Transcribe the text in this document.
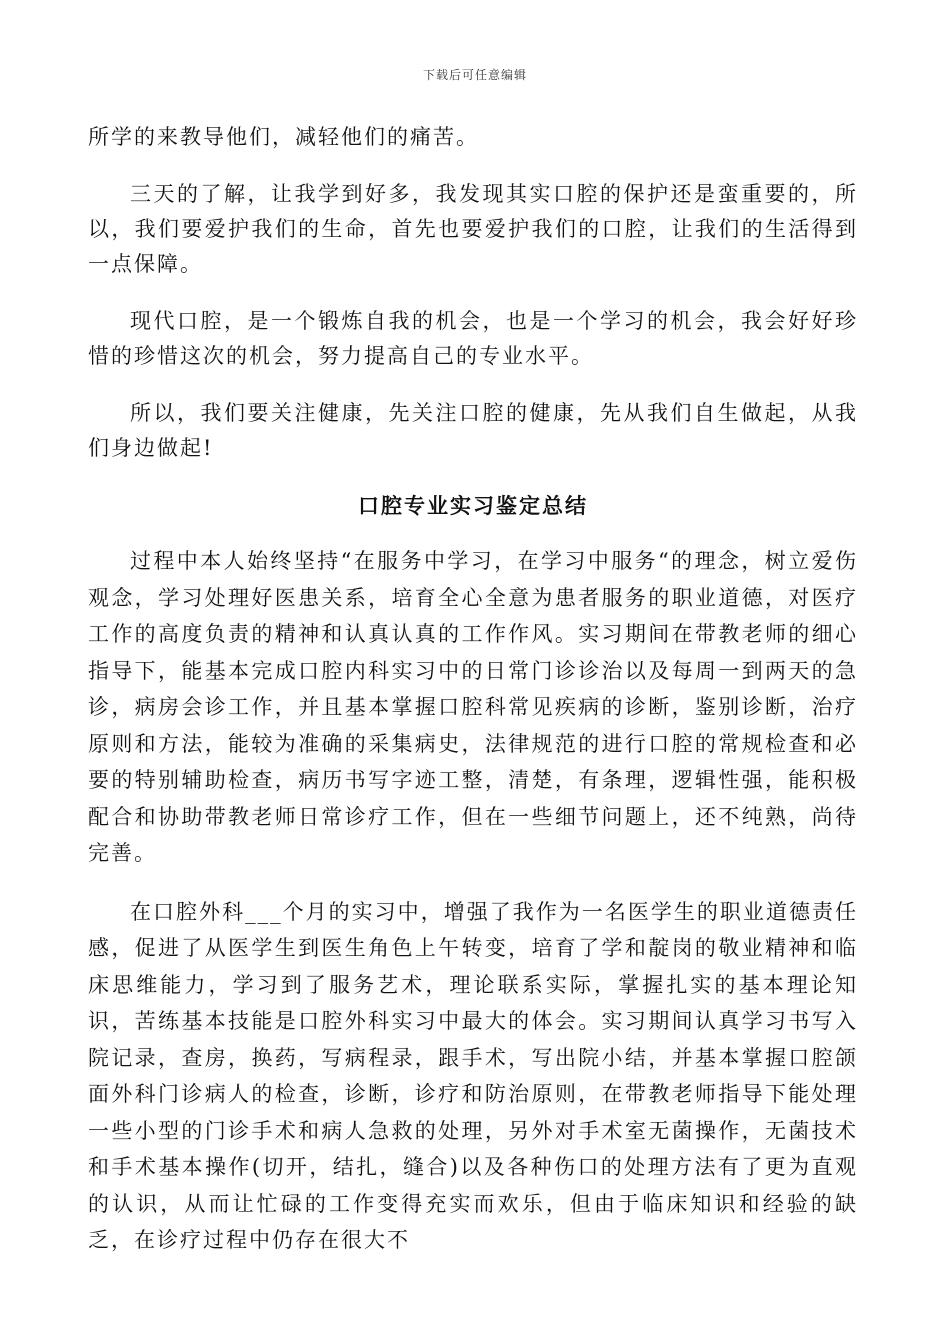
下载后可任意编辑

所学的来教导他们，减轻他们的痛苦。

三天的了解，让我学到好多，我发现其实口腔的保护还是蛮重要的，所以，我们要爱护我们的生命，首先也要爱护我们的口腔，让我们的生活得到一点保障。

现代口腔，是一个锻炼自我的机会，也是一个学习的机会，我会好好珍惜的珍惜这次的机会，努力提高自己的专业水平。

所以，我们要关注健康，先关注口腔的健康，先从我们自生做起，从我们身边做起!

口腔专业实习鉴定总结

过程中本人始终坚持“在服务中学习，在学习中服务“的理念，树立爱伤观念，学习处理好医患关系，培育全心全意为患者服务的职业道德，对医疗工作的高度负责的精神和认真认真的工作作风。实习期间在带教老师的细心指导下，能基本完成口腔内科实习中的日常门诊诊治以及每周一到两天的急诊，病房会诊工作，并且基本掌握口腔科常见疾病的诊断，鉴别诊断，治疗原则和方法，能较为准确的采集病史，法律规范的进行口腔的常规检查和必要的特别辅助检查，病历书写字迹工整，清楚，有条理，逻辑性强，能积极配合和协助带教老师日常诊疗工作，但在一些细节问题上，还不纯熟，尚待完善。

在口腔外科___个月的实习中，增强了我作为一名医学生的职业道德责任感，促进了从医学生到医生角色上午转变，培育了学和靛岗的敬业精神和临床思维能力，学习到了服务艺术，理论联系实际，掌握扎实的基本理论知识，苦练基本技能是口腔外科实习中最大的体会。实习期间认真学习书写入院记录，查房，换药，写病程录，跟手术，写出院小结，并基本掌握口腔颌面外科门诊病人的检查，诊断，诊疗和防治原则，在带教老师指导下能处理一些小型的门诊手术和病人急救的处理，另外对手术室无菌操作，无菌技术和手术基本操作(切开，结扎，缝合)以及各种伤口的处理方法有了更为直观的认识，从而让忙碌的工作变得充实而欢乐，但由于临床知识和经验的缺乏，在诊疗过程中仍存在很大不
